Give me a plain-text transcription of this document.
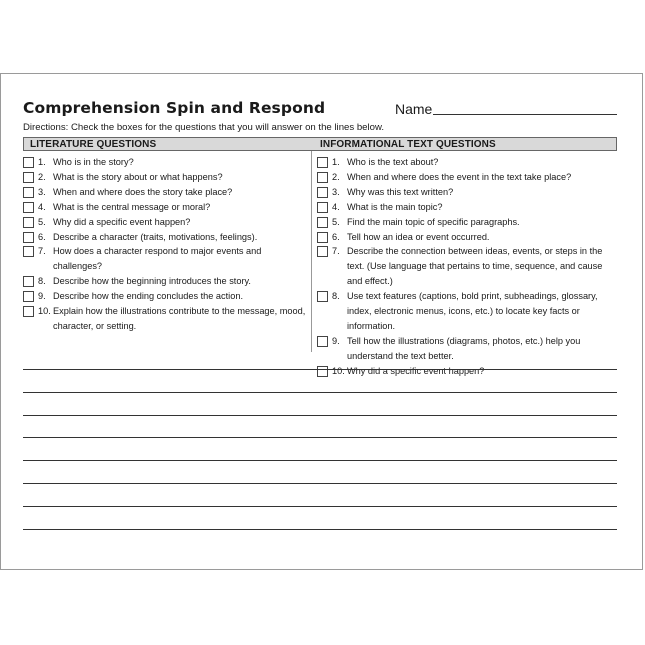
Comprehension Spin and Respond	Name
Directions: Check the boxes for the questions that you will answer on the lines below.
LITERATURE QUESTIONS	INFORMATIONAL TEXT QUESTIONS
1. Who is in the story?
2. What is the story about or what happens?
3. When and where does the story take place?
4. What is the central message or moral?
5. Why did a specific event happen?
6. Describe a character (traits, motivations, feelings).
7. How does a character respond to major events and challenges?
8. Describe how the beginning introduces the story.
9. Describe how the ending concludes the action.
10. Explain how the illustrations contribute to the message, mood, character, or setting.
1. Who is the text about?
2. When and where does the event in the text take place?
3. Why was this text written?
4. What is the main topic?
5. Find the main topic of specific paragraphs.
6. Tell how an idea or event occurred.
7. Describe the connection between ideas, events, or steps in the text. (Use language that pertains to time, sequence, and cause and effect.)
8. Use text features (captions, bold print, subheadings, glossary, index, electronic menus, icons, etc.) to locate key facts or information.
9. Tell how the illustrations (diagrams, photos, etc.) help you understand the text better.
10. Why did a specific event happen?
